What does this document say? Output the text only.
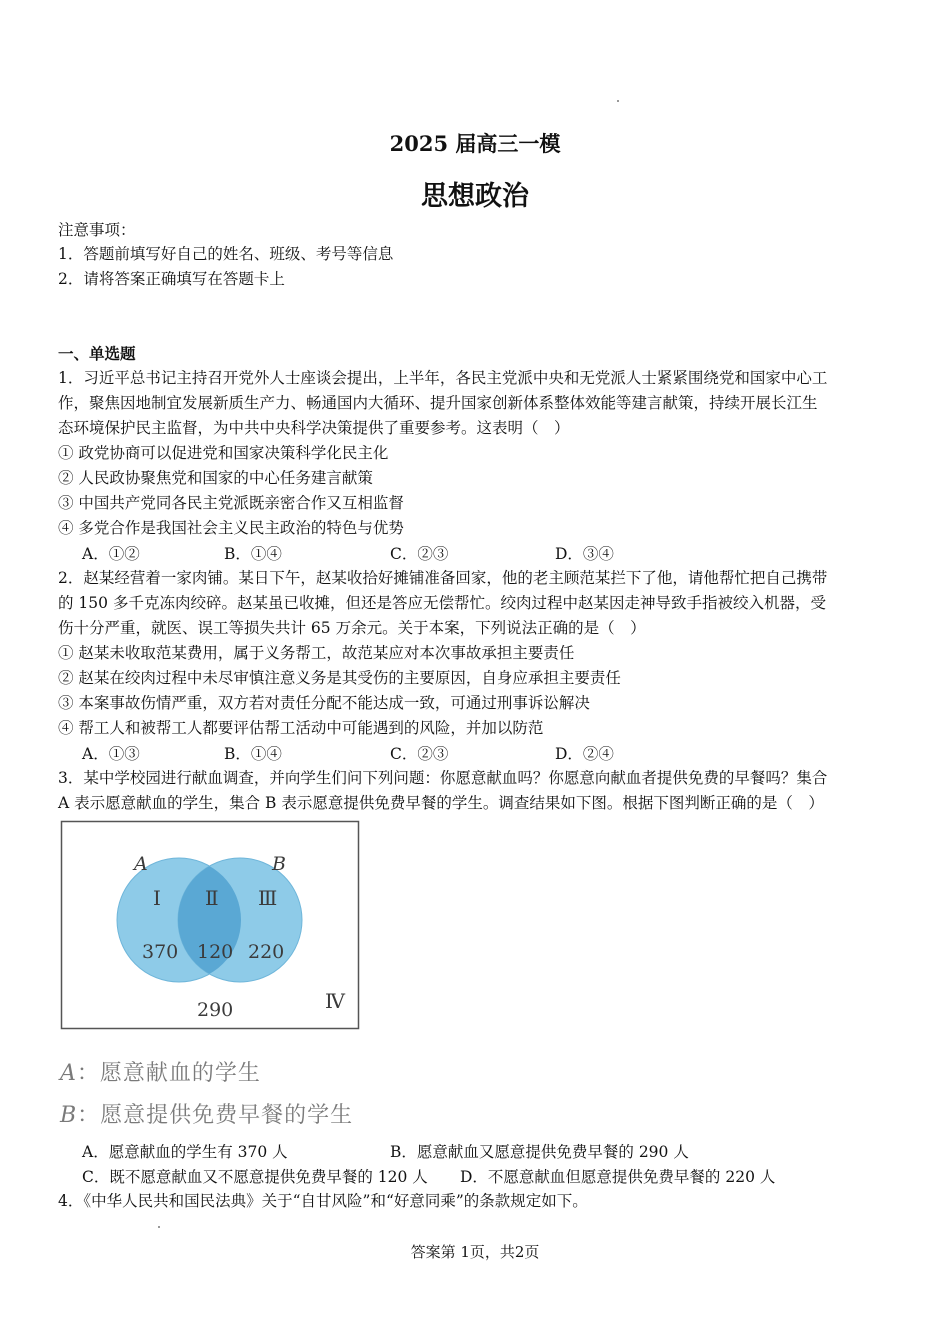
2025 届高三一模
思想政治
注意事项：
1．答题前填写好自己的姓名、班级、考号等信息
2．请将答案正确填写在答题卡上
一、单选题
1．习近平总书记主持召开党外人士座谈会提出，上半年，各民主党派中央和无党派人士紧紧围绕党和国家中心工
作，聚焦因地制宜发展新质生产力、畅通国内大循环、提升国家创新体系整体效能等建言献策，持续开展长江生
态环境保护民主监督，为中共中央科学决策提供了重要参考。这表明（　）
① 政党协商可以促进党和国家决策科学化民主化
② 人民政协聚焦党和国家的中心任务建言献策
③ 中国共产党同各民主党派既亲密合作又互相监督
④ 多党合作是我国社会主义民主政治的特色与优势
A．①②	B．①④	C．②③	D．③④
2．赵某经营着一家肉铺。某日下午，赵某收拾好摊铺准备回家，他的老主顾范某拦下了他，请他帮忙把自己携带
的 150 多千克冻肉绞碎。赵某虽已收摊，但还是答应无偿帮忙。绞肉过程中赵某因走神导致手指被绞入机器，受
伤十分严重，就医、误工等损失共计 65 万余元。关于本案，下列说法正确的是（　）
① 赵某未收取范某费用，属于义务帮工，故范某应对本次事故承担主要责任
② 赵某在绞肉过程中未尽审慎注意义务是其受伤的主要原因，自身应承担主要责任
③ 本案事故伤情严重，双方若对责任分配不能达成一致，可通过刑事诉讼解决
④ 帮工人和被帮工人都要评估帮工活动中可能遇到的风险，并加以防范
A．①③	B．①④	C．②③	D．②④
3．某中学校园进行献血调查，并向学生们问下列问题：你愿意献血吗？你愿意向献血者提供免费的早餐吗？集合
A 表示愿意献血的学生，集合 B 表示愿意提供免费早餐的学生。调查结果如下图。根据下图判断正确的是（　）
A	B
Ⅰ Ⅱ Ⅲ
370 120 220
290	Ⅳ
A：愿意献血的学生
B：愿意提供免费早餐的学生
A．愿意献血的学生有 370 人	B．愿意献血又愿意提供免费早餐的 290 人
C．既不愿意献血又不愿意提供免费早餐的 120 人 D．不愿意献血但愿意提供免费早餐的 220 人
4．《中华人民共和国民法典》关于“自甘风险”和“好意同乘”的条款规定如下。
答案第 1页，共2页
